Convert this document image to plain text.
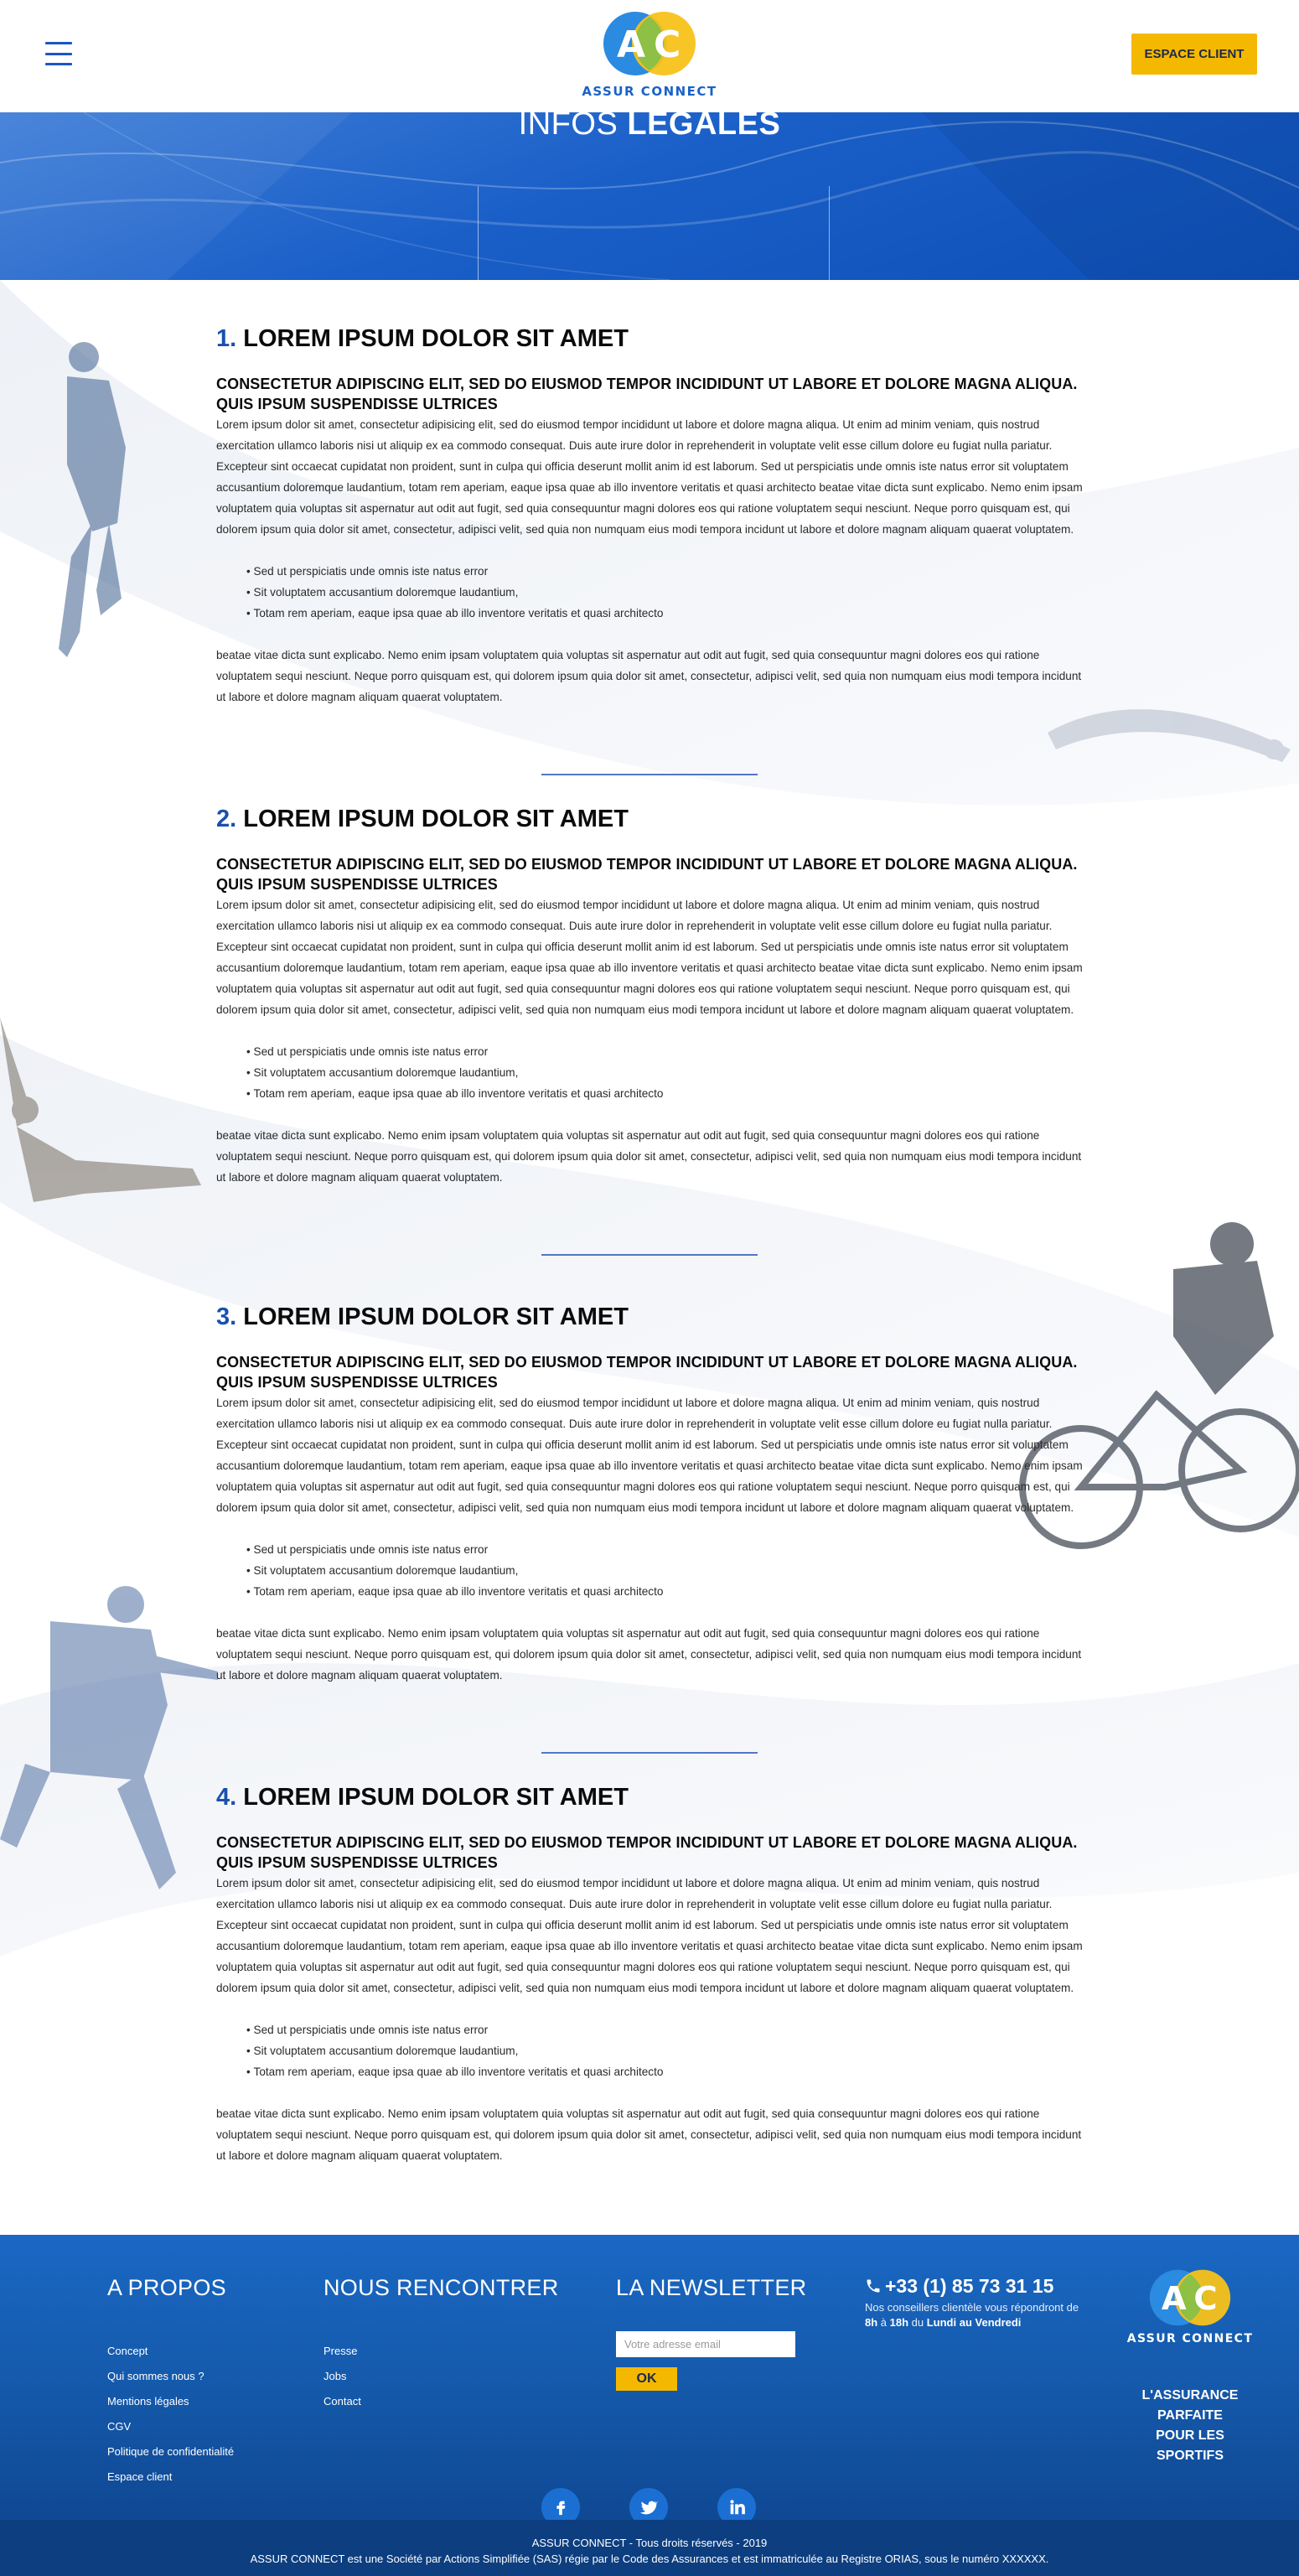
A C
ASSUR CONNECT
ESPACE CLIENT
INFOS LÉGALES
1. LOREM IPSUM DOLOR SIT AMET
CONSECTETUR ADIPISCING ELIT, SED DO EIUSMOD TEMPOR INCIDIDUNT UT LABORE ET DOLORE MAGNA ALIQUA. QUIS IPSUM SUSPENDISSE ULTRICES

Lorem ipsum dolor sit amet, consectetur adipisicing elit, sed do eiusmod tempor incididunt ut labore et dolore magna aliqua. Ut enim ad minim veniam, quis nostrud exercitation ullamco laboris nisi ut aliquip ex ea commodo consequat. Duis aute irure dolor in reprehenderit in voluptate velit esse cillum dolore eu fugiat nulla pariatur. Excepteur sint occaecat cupidatat non proident, sunt in culpa qui officia deserunt mollit anim id est laborum. Sed ut perspiciatis unde omnis iste natus error sit voluptatem accusantium doloremque laudantium, totam rem aperiam, eaque ipsa quae ab illo inventore veritatis et quasi architecto beatae vitae dicta sunt explicabo. Nemo enim ipsam voluptatem quia voluptas sit aspernatur aut odit aut fugit, sed quia consequuntur magni dolores eos qui ratione voluptatem sequi nesciunt. Neque porro quisquam est, qui dolorem ipsum quia dolor sit amet, consectetur, adipisci velit, sed quia non numquam eius modi tempora incidunt ut labore et dolore magnam aliquam quaerat voluptatem.

• Sed ut perspiciatis unde omnis iste natus error
• Sit voluptatem accusantium doloremque laudantium,
• Totam rem aperiam, eaque ipsa quae ab illo inventore veritatis et quasi architecto

beatae vitae dicta sunt explicabo. Nemo enim ipsam voluptatem quia voluptas sit aspernatur aut odit aut fugit, sed quia consequuntur magni dolores eos qui ratione voluptatem sequi nesciunt. Neque porro quisquam est, qui dolorem ipsum quia dolor sit amet, consectetur, adipisci velit, sed quia non numquam eius modi tempora incidunt ut labore et dolore magnam aliquam quaerat voluptatem.

2. LOREM IPSUM DOLOR SIT AMET
CONSECTETUR ADIPISCING ELIT, SED DO EIUSMOD TEMPOR INCIDIDUNT UT LABORE ET DOLORE MAGNA ALIQUA. QUIS IPSUM SUSPENDISSE ULTRICES

Lorem ipsum dolor sit amet, consectetur adipisicing elit, sed do eiusmod tempor incididunt ut labore et dolore magna aliqua. Ut enim ad minim veniam, quis nostrud exercitation ullamco laboris nisi ut aliquip ex ea commodo consequat. Duis aute irure dolor in reprehenderit in voluptate velit esse cillum dolore eu fugiat nulla pariatur. Excepteur sint occaecat cupidatat non proident, sunt in culpa qui officia deserunt mollit anim id est laborum. Sed ut perspiciatis unde omnis iste natus error sit voluptatem accusantium doloremque laudantium, totam rem aperiam, eaque ipsa quae ab illo inventore veritatis et quasi architecto beatae vitae dicta sunt explicabo. Nemo enim ipsam voluptatem quia voluptas sit aspernatur aut odit aut fugit, sed quia consequuntur magni dolores eos qui ratione voluptatem sequi nesciunt. Neque porro quisquam est, qui dolorem ipsum quia dolor sit amet, consectetur, adipisci velit, sed quia non numquam eius modi tempora incidunt ut labore et dolore magnam aliquam quaerat voluptatem.

• Sed ut perspiciatis unde omnis iste natus error
• Sit voluptatem accusantium doloremque laudantium,
• Totam rem aperiam, eaque ipsa quae ab illo inventore veritatis et quasi architecto

beatae vitae dicta sunt explicabo. Nemo enim ipsam voluptatem quia voluptas sit aspernatur aut odit aut fugit, sed quia consequuntur magni dolores eos qui ratione voluptatem sequi nesciunt. Neque porro quisquam est, qui dolorem ipsum quia dolor sit amet, consectetur, adipisci velit, sed quia non numquam eius modi tempora incidunt ut labore et dolore magnam aliquam quaerat voluptatem.

3. LOREM IPSUM DOLOR SIT AMET
CONSECTETUR ADIPISCING ELIT, SED DO EIUSMOD TEMPOR INCIDIDUNT UT LABORE ET DOLORE MAGNA ALIQUA. QUIS IPSUM SUSPENDISSE ULTRICES

Lorem ipsum dolor sit amet, consectetur adipisicing elit, sed do eiusmod tempor incididunt ut labore et dolore magna aliqua. Ut enim ad minim veniam, quis nostrud exercitation ullamco laboris nisi ut aliquip ex ea commodo consequat. Duis aute irure dolor in reprehenderit in voluptate velit esse cillum dolore eu fugiat nulla pariatur. Excepteur sint occaecat cupidatat non proident, sunt in culpa qui officia deserunt mollit anim id est laborum. Sed ut perspiciatis unde omnis iste natus error sit voluptatem accusantium doloremque laudantium, totam rem aperiam, eaque ipsa quae ab illo inventore veritatis et quasi architecto beatae vitae dicta sunt explicabo. Nemo enim ipsam voluptatem quia voluptas sit aspernatur aut odit aut fugit, sed quia consequuntur magni dolores eos qui ratione voluptatem sequi nesciunt. Neque porro quisquam est, qui dolorem ipsum quia dolor sit amet, consectetur, adipisci velit, sed quia non numquam eius modi tempora incidunt ut labore et dolore magnam aliquam quaerat voluptatem.

• Sed ut perspiciatis unde omnis iste natus error
• Sit voluptatem accusantium doloremque laudantium,
• Totam rem aperiam, eaque ipsa quae ab illo inventore veritatis et quasi architecto

beatae vitae dicta sunt explicabo. Nemo enim ipsam voluptatem quia voluptas sit aspernatur aut odit aut fugit, sed quia consequuntur magni dolores eos qui ratione voluptatem sequi nesciunt. Neque porro quisquam est, qui dolorem ipsum quia dolor sit amet, consectetur, adipisci velit, sed quia non numquam eius modi tempora incidunt ut labore et dolore magnam aliquam quaerat voluptatem.

4. LOREM IPSUM DOLOR SIT AMET
CONSECTETUR ADIPISCING ELIT, SED DO EIUSMOD TEMPOR INCIDIDUNT UT LABORE ET DOLORE MAGNA ALIQUA. QUIS IPSUM SUSPENDISSE ULTRICES

Lorem ipsum dolor sit amet, consectetur adipisicing elit, sed do eiusmod tempor incididunt ut labore et dolore magna aliqua. Ut enim ad minim veniam, quis nostrud exercitation ullamco laboris nisi ut aliquip ex ea commodo consequat. Duis aute irure dolor in reprehenderit in voluptate velit esse cillum dolore eu fugiat nulla pariatur. Excepteur sint occaecat cupidatat non proident, sunt in culpa qui officia deserunt mollit anim id est laborum. Sed ut perspiciatis unde omnis iste natus error sit voluptatem accusantium doloremque laudantium, totam rem aperiam, eaque ipsa quae ab illo inventore veritatis et quasi architecto beatae vitae dicta sunt explicabo. Nemo enim ipsam voluptatem quia voluptas sit aspernatur aut odit aut fugit, sed quia consequuntur magni dolores eos qui ratione voluptatem sequi nesciunt. Neque porro quisquam est, qui dolorem ipsum quia dolor sit amet, consectetur, adipisci velit, sed quia non numquam eius modi tempora incidunt ut labore et dolore magnam aliquam quaerat voluptatem.

• Sed ut perspiciatis unde omnis iste natus error
• Sit voluptatem accusantium doloremque laudantium,
• Totam rem aperiam, eaque ipsa quae ab illo inventore veritatis et quasi architecto

beatae vitae dicta sunt explicabo. Nemo enim ipsam voluptatem quia voluptas sit aspernatur aut odit aut fugit, sed quia consequuntur magni dolores eos qui ratione voluptatem sequi nesciunt. Neque porro quisquam est, qui dolorem ipsum quia dolor sit amet, consectetur, adipisci velit, sed quia non numquam eius modi tempora incidunt ut labore et dolore magnam aliquam quaerat voluptatem.

A PROPOS
Concept
Qui sommes nous ?
Mentions légales
CGV
Politique de confidentialité
Espace client
NOUS RENCONTRER
Presse
Jobs
Contact
LA NEWSLETTER
Votre adresse email
OK
+33 (1) 85 73 31 15
Nos conseillers clientèle vous répondront de 8h à 18h du Lundi au Vendredi
A C
ASSUR CONNECT
L'ASSURANCE
PARFAITE
POUR LES
SPORTIFS
ASSUR CONNECT - Tous droits réservés - 2019
ASSUR CONNECT est une Société par Actions Simplifiée (SAS) régie par le Code des Assurances et est immatriculée au Registre ORIAS, sous le numéro XXXXXX.
